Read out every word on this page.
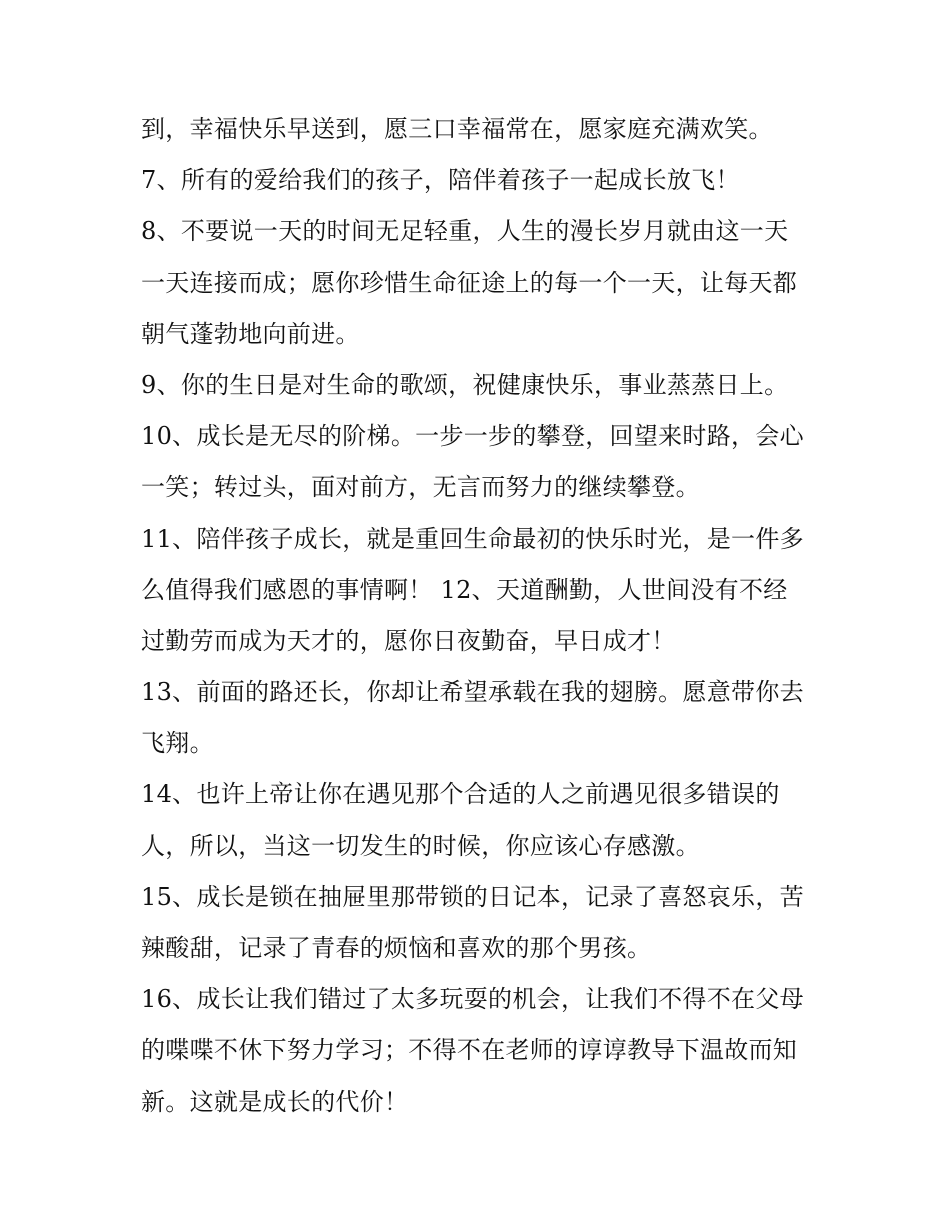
到，幸福快乐早送到，愿三口幸福常在，愿家庭充满欢笑。
7、所有的爱给我们的孩子，陪伴着孩子一起成长放飞！
8、不要说一天的时间无足轻重，人生的漫长岁月就由这一天
一天连接而成；愿你珍惜生命征途上的每一个一天，让每天都
朝气蓬勃地向前进。
9、你的生日是对生命的歌颂，祝健康快乐，事业蒸蒸日上。
10、成长是无尽的阶梯。一步一步的攀登，回望来时路，会心
一笑；转过头，面对前方，无言而努力的继续攀登。
11、陪伴孩子成长，就是重回生命最初的快乐时光，是一件多
么值得我们感恩的事情啊！ 12、天道酬勤，人世间没有不经
过勤劳而成为天才的，愿你日夜勤奋，早日成才！
13、前面的路还长，你却让希望承载在我的翅膀。愿意带你去
飞翔。
14、也许上帝让你在遇见那个合适的人之前遇见很多错误的
人，所以，当这一切发生的时候，你应该心存感激。
15、成长是锁在抽屉里那带锁的日记本，记录了喜怒哀乐，苦
辣酸甜，记录了青春的烦恼和喜欢的那个男孩。
16、成长让我们错过了太多玩耍的机会，让我们不得不在父母
的喋喋不休下努力学习；不得不在老师的谆谆教导下温故而知
新。这就是成长的代价！
